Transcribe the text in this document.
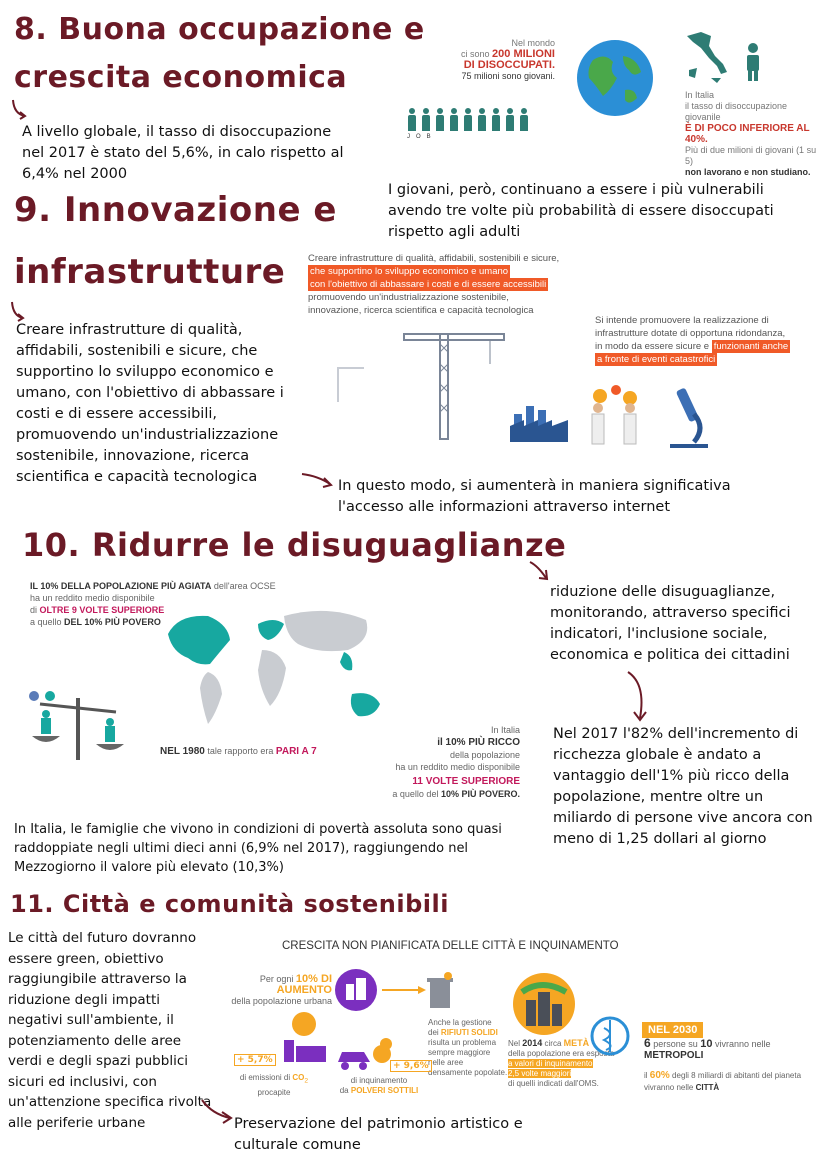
8. Buona occupazione e
crescita economica
A livello globale, il tasso di disoccupazione nel 2017 è stato del 5,6%, in calo rispetto al 6,4% nel 2000
Nel mondo
ci sono 200 MILIONI
DI DISOCCUPATI.
75 milioni sono giovani.
JOB
In Italia
il tasso di disoccupazione giovanile
È DI POCO INFERIORE AL 40%.
Più di due milioni di giovani (1 su 5)
non lavorano e non studiano.
I giovani, però, continuano a essere i più vulnerabili avendo tre volte più probabilità di essere disoccupati rispetto agli adulti
9. Innovazione e
infrastrutture
Creare infrastrutture di qualità, affidabili, sostenibili e sicure, che supportino lo sviluppo economico e umano, con l'obiettivo di abbassare i costi e di essere accessibili, promuovendo un'industrializzazione sostenibile, innovazione, ricerca scientifica e capacità tecnologica
Creare infrastrutture di qualità, affidabili, sostenibili e sicure,
che supportino lo sviluppo economico e umano
con l'obiettivo di abbassare i costi e di essere accessibili
promuovendo un'industrializzazione sostenibile,
innovazione, ricerca scientifica e capacità tecnologica
Si intende promuovere la realizzazione di
infrastrutture dotate di opportuna ridondanza,
in modo da essere sicure e funzionanti anche
a fronte di eventi catastrofici
In questo modo, si aumenterà in maniera significativa l'accesso alle informazioni attraverso internet
10. Ridurre le disuguaglianze
IL 10% DELLA POPOLAZIONE PIÙ AGIATA dell'area OCSE
ha un reddito medio disponibile
di OLTRE 9 VOLTE SUPERIORE
a quello DEL 10% PIÙ POVERO
NEL 1980 tale rapporto era PARI A 7
In Italia
il 10% PIÙ RICCO
della popolazione
ha un reddito medio disponibile
11 VOLTE SUPERIORE
a quello del 10% PIÙ POVERO.
riduzione delle disuguaglianze, monitorando, attraverso specifici indicatori, l'inclusione sociale, economica e politica dei cittadini
Nel 2017 l'82% dell'incremento di ricchezza globale è andato a vantaggio dell'1% più ricco della popolazione, mentre oltre un miliardo di persone vive ancora con meno di 1,25 dollari al giorno
In Italia, le famiglie che vivono in condizioni di povertà assoluta sono quasi raddoppiate negli ultimi dieci anni (6,9% nel 2017), raggiungendo nel Mezzogiorno il valore più elevato (10,3%)
11. Città e comunità sostenibili
Le città del futuro dovranno essere green, obiettivo raggiungibile attraverso la riduzione degli impatti negativi sull'ambiente, il potenziamento delle aree verdi e degli spazi pubblici sicuri ed inclusivi, con un'attenzione specifica rivolta alle periferie urbane	Preservazione del patrimonio artistico e culturale comune
CRESCITA NON PIANIFICATA DELLE CITTÀ E INQUINAMENTO
Per ogni 10% DI AUMENTO
della popolazione urbana
Anche la gestione
dei RIFIUTI SOLIDI
risulta un problema
sempre maggiore
nelle aree
densamente popolate.
+ 5,7%
di emissioni di $CO_2$
procapite
+ 9,6%
di inquinamento
da POLVERI SOTTILI
Nel 2014 circa METÀ
della popolazione era esposta
a valori di inquinamento
2,5 volte maggiori
di quelli indicati dall'OMS.
NEL 2030
6 persone su 10 vivranno nelle METROPOLI
il 60% degli 8 miliardi di abitanti del pianeta
vivranno nelle CITTÀ
